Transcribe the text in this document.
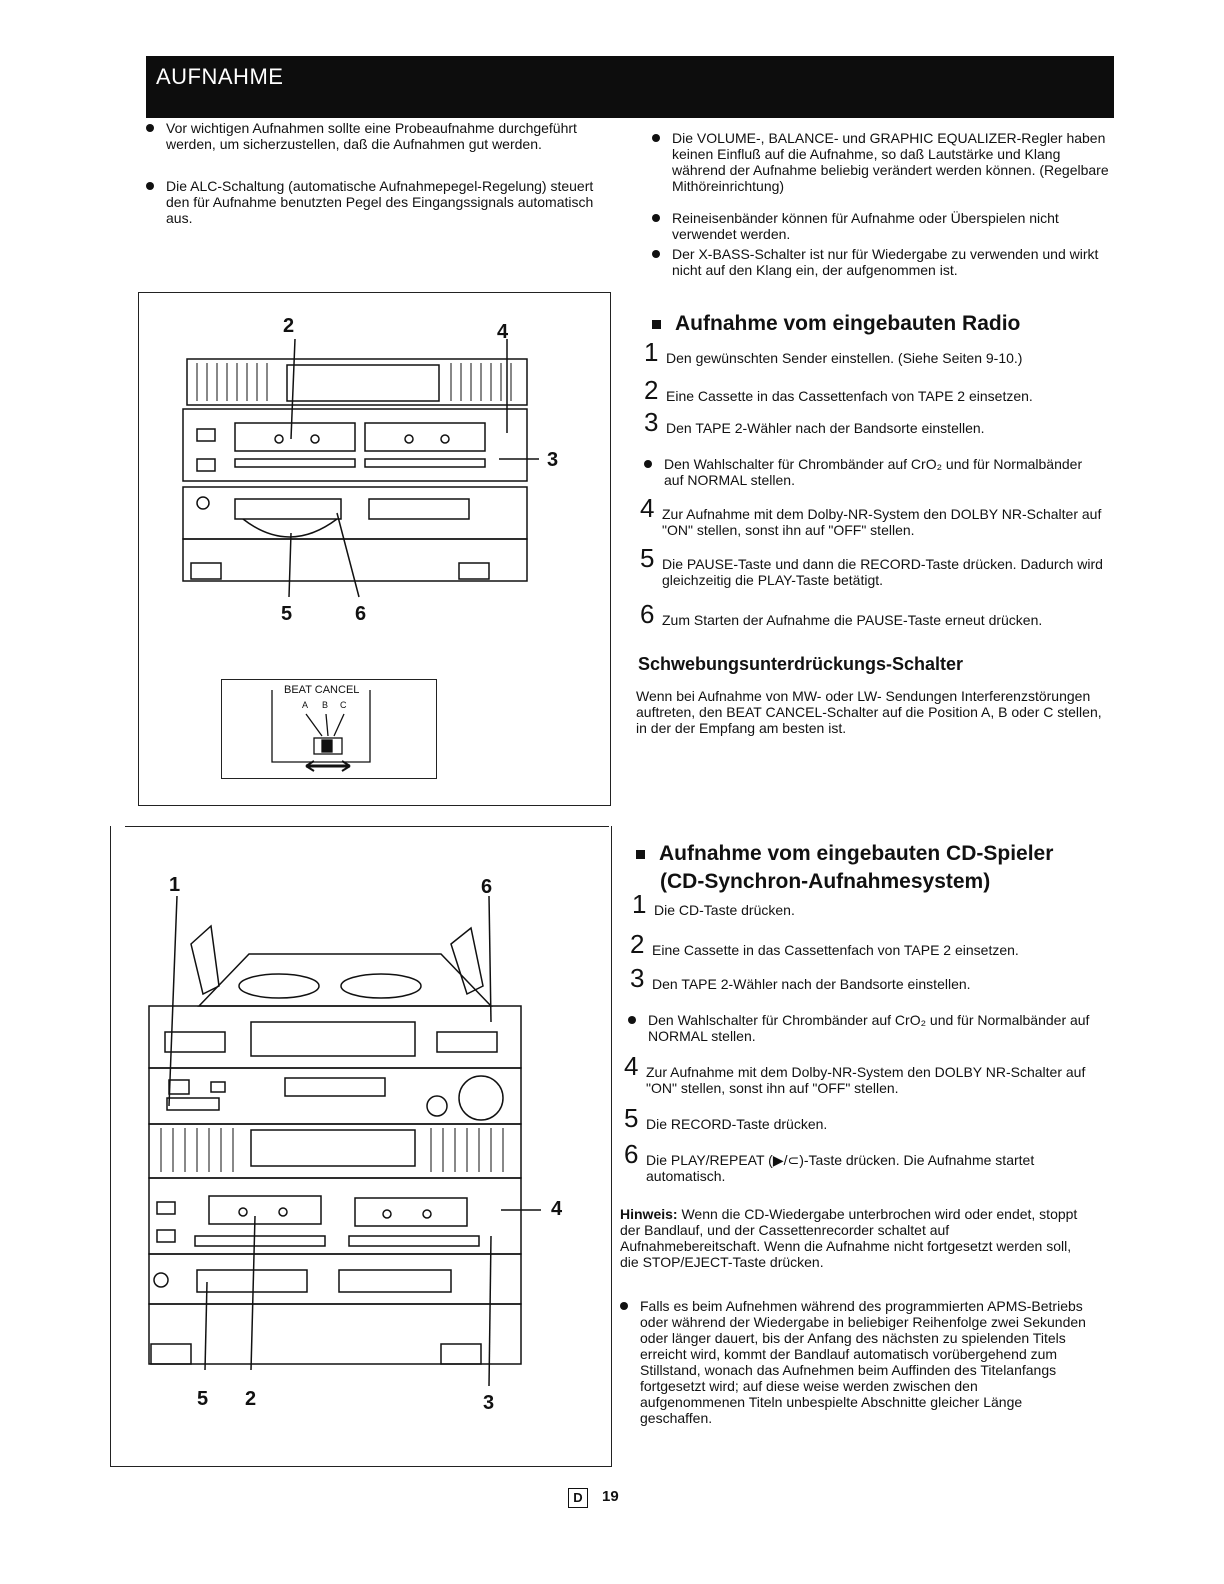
AUFNAHME
Vor wichtigen Aufnahmen sollte eine Probeaufnahme durchgeführt werden, um sicherzustellen, daß die Aufnahmen gut werden.
Die ALC-Schaltung (automatische Aufnahmepegel-Regelung) steuert den für Aufnahme benutzten Pegel des Eingangssignals automatisch aus.
Die VOLUME-, BALANCE- und GRAPHIC EQUALIZER-Regler haben keinen Einfluß auf die Aufnahme, so daß Lautstärke und Klang während der Aufnahme beliebig verändert werden können. (Regelbare Mithöreinrichtung)
Reineisenbänder können für Aufnahme oder Überspielen nicht verwendet werden.
Der X-BASS-Schalter ist nur für Wiedergabe zu verwenden und wirkt nicht auf den Klang ein, der aufgenommen ist.
2	4
3
5	6
BEAT CANCEL
A B C
Aufnahme vom eingebauten Radio
1 Den gewünschten Sender einstellen. (Siehe Seiten 9-10.)
2 Eine Cassette in das Cassettenfach von TAPE 2 einsetzen.
3 Den TAPE 2-Wähler nach der Bandsorte einstellen.
Den Wahlschalter für Chrombänder auf CrO₂ und für Normalbänder auf NORMAL stellen.
4 Zur Aufnahme mit dem Dolby-NR-System den DOLBY NR-Schalter auf "ON" stellen, sonst ihn auf "OFF" stellen.
5 Die PAUSE-Taste und dann die RECORD-Taste drücken. Dadurch wird gleichzeitig die PLAY-Taste betätigt.
6 Zum Starten der Aufnahme die PAUSE-Taste erneut drücken.
Schwebungsunterdrückungs-Schalter
Wenn bei Aufnahme von MW- oder LW- Sendungen Interferenzstörungen auftreten, den BEAT CANCEL-Schalter auf die Position A, B oder C stellen, in der der Empfang am besten ist.
1	6
4
5 2	3
Aufnahme vom eingebauten CD-Spieler
(CD-Synchron-Aufnahmesystem)
1 Die CD-Taste drücken.
2 Eine Cassette in das Cassettenfach von TAPE 2 einsetzen.
3 Den TAPE 2-Wähler nach der Bandsorte einstellen.
Den Wahlschalter für Chrombänder auf CrO₂ und für Normalbänder auf NORMAL stellen.
4 Zur Aufnahme mit dem Dolby-NR-System den DOLBY NR-Schalter auf "ON" stellen, sonst ihn auf "OFF" stellen.
5 Die RECORD-Taste drücken.
6 Die PLAY/REPEAT (▶/⊂)-Taste drücken. Die Aufnahme startet automatisch.
Hinweis: Wenn die CD-Wiedergabe unterbrochen wird oder endet, stoppt der Bandlauf, und der Cassettenrecorder schaltet auf Aufnahmebereitschaft. Wenn die Aufnahme nicht fortgesetzt werden soll, die STOP/EJECT-Taste drücken.
Falls es beim Aufnehmen während des programmierten APMS-Betriebs oder während der Wiedergabe in beliebiger Reihenfolge zwei Sekunden oder länger dauert, bis der Anfang des nächsten zu spielenden Titels erreicht wird, kommt der Bandlauf automatisch vorübergehend zum Stillstand, wonach das Aufnehmen beim Auffinden des Titelanfangs fortgesetzt wird; auf diese weise werden zwischen den aufgenommenen Titeln unbespielte Abschnitte gleicher Länge geschaffen.
D	19
